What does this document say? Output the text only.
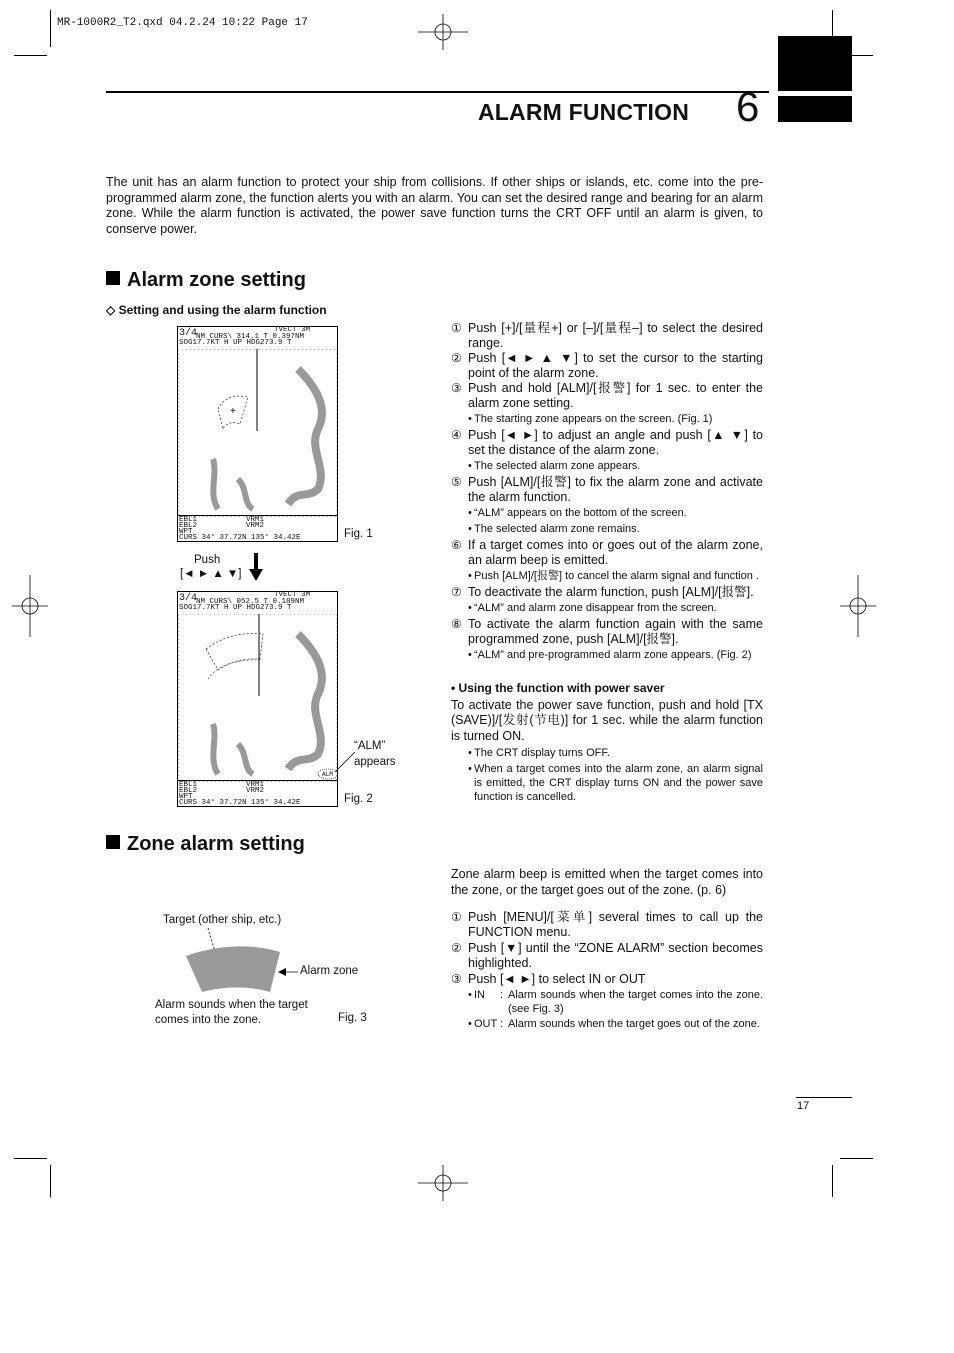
MR-1000R2_T2.qxd 04.2.24 10:22 Page 17
ALARM FUNCTION 6
The unit has an alarm function to protect your ship from collisions. If other ships or islands, etc. come into the pre-programmed alarm zone, the function alerts you with an alarm. You can set the desired range and bearing for an alarm zone. While the alarm function is activated, the power save function turns the CRT OFF until an alarm is given, to conserve power.
Alarm zone setting
◇ Setting and using the alarm function
3/4
NM CURS\ 314.1 T 0.397NM
TVECT 3M
SOG17.7KT H UP HDG273.9 T
+
EBL1
EBL2
VRM1
VRM2
WPT
CURS 34° 37.72N 135° 34.42E	Fig. 1
Push
[◄ ► ▲ ▼]
3/4
NM CURS\ 052.5 T 0.189NM
TVECT 3M
SOG17.7KT H UP HDG273.9 T
ALM
EBL1
EBL2
VRM1
VRM2
WPT
CURS 34° 37.72N 135° 34.42E
“ALM”
appears
Fig. 2
① Push [+]/[量程+] or [–]/[量程–] to select the desired range.
② Push [◄ ► ▲ ▼] to set the cursor to the starting point of the alarm zone.
③ Push and hold [ALM]/[报警] for 1 sec. to enter the alarm zone setting.
• The starting zone appears on the screen. (Fig. 1)
④ Push [◄ ►] to adjust an angle and push [▲ ▼] to set the distance of the alarm zone.
• The selected alarm zone appears.
⑤ Push [ALM]/[报警] to fix the alarm zone and activate the alarm function.
• “ALM” appears on the bottom of the screen.
• The selected alarm zone remains.
⑥ If a target comes into or goes out of the alarm zone, an alarm beep is emitted.
• Push [ALM]/[报警] to cancel the alarm signal and function .
⑦ To deactivate the alarm function, push [ALM]/[报警].
• “ALM” and alarm zone disappear from the screen.
⑧ To activate the alarm function again with the same programmed zone, push [ALM]/[报警].
• “ALM” and pre-programmed alarm zone appears. (Fig. 2)
• Using the function with power saver
To activate the power save function, push and hold [TX (SAVE)]/[发射(节电)] for 1 sec. while the alarm function is turned ON.
• The CRT display turns OFF.
• When a target comes into the alarm zone, an alarm signal is emitted, the CRT display turns ON and the power save function is cancelled.
Zone alarm setting
Zone alarm beep is emitted when the target comes into the zone, or the target goes out of the zone. (p. 6)
① Push [MENU]/[菜单] several times to call up the FUNCTION menu.
② Push [▼] until the “ZONE ALARM” section becomes highlighted.
③ Push [◄ ►] to select IN or OUT
• IN	: Alarm sounds when the target comes into the zone. (see Fig. 3)
• OUT : Alarm sounds when the target goes out of the zone.
Target (other ship, etc.)
Alarm zone
Alarm sounds when the target comes into the zone.	Fig. 3
17
